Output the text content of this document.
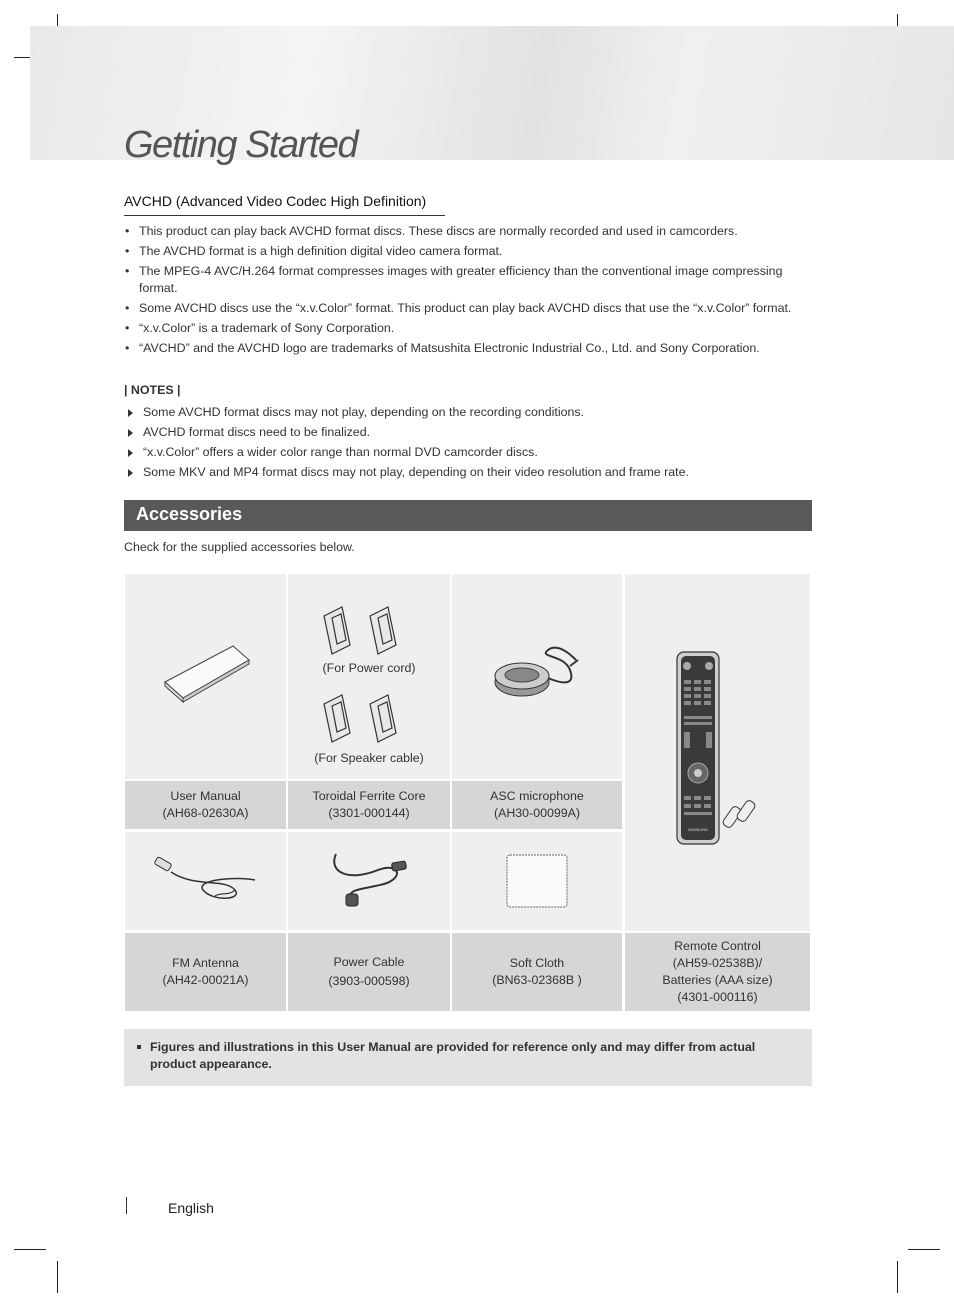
Getting Started
AVCHD (Advanced Video Codec High Definition)
• This product can play back AVCHD format discs. These discs are normally recorded and used in camcorders.
• The AVCHD format is a high definition digital video camera format.
• The MPEG-4 AVC/H.264 format compresses images with greater efficiency than the conventional image compressing format.
• Some AVCHD discs use the “x.v.Color” format. This product can play back AVCHD discs that use the “x.v.Color” format.
• “x.v.Color” is a trademark of Sony Corporation.
• “AVCHD” and the AVCHD logo are trademarks of Matsushita Electronic Industrial Co., Ltd. and Sony Corporation.
| NOTES |
Some AVCHD format discs may not play, depending on the recording conditions.
AVCHD format discs need to be finalized.
“x.v.Color” offers a wider color range than normal DVD camcorder discs.
Some MKV and MP4 format discs may not play, depending on their video resolution and frame rate.
Accessories
Check for the supplied accessories below.
(For Power cord)
(For Speaker cable)
SAMSUNG
User Manual
(AH68-02630A)
Toroidal Ferrite Core
(3301-000144)
ASC microphone
(AH30-00099A)
FM Antenna
(AH42-00021A)
Power Cable
(3903-000598)
Soft Cloth
(BN63-02368B )
Remote Control
(AH59-02538B)/
Batteries (AAA size)
(4301-000116)
Figures and illustrations in this User Manual are provided for reference only and may differ from actual product appearance.
English
